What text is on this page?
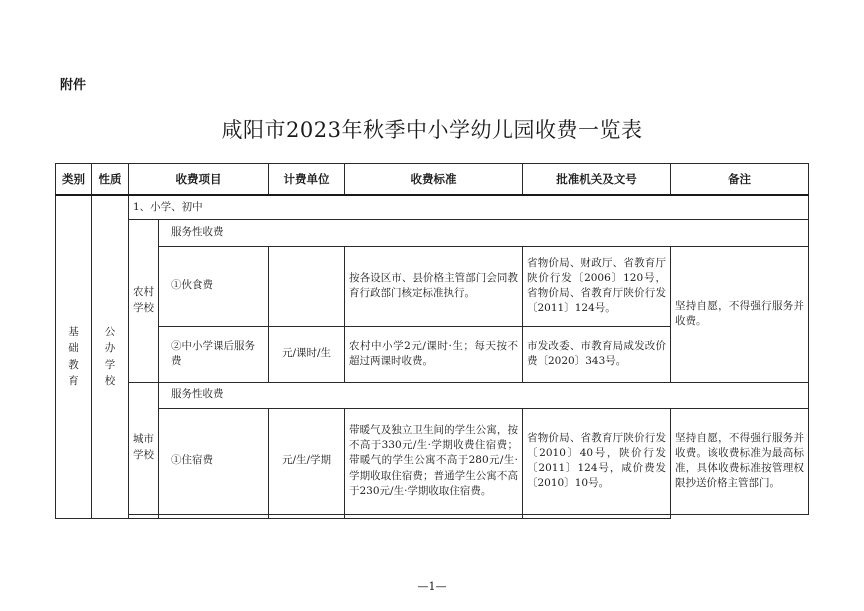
附件

咸阳市2023年秋季中小学幼儿园收费一览表
类别	性质	收费项目		计费单位	收费标准	批准机关及文号	备注
基础教育	公办学校	1、小学、初中					
		农村学校	服务性收费				
			①伙食费		按各设区市、县价格主管部门会同教育行政部门核定标准执行。	省物价局、财政厅、省教育厅陕价行发〔2006〕120号，省物价局、省教育厅陕价行发〔2011〕124号。	坚持自愿，不得强行服务并收费。
			②中小学课后服务费	元/课时/生	农村中小学2元/课时·生；每天按不超过两课时收费。	市发改委、市教育局咸发改价费〔2020〕343号。	
		城市学校	服务性收费				
			①住宿费	元/生/学期	带暖气及独立卫生间的学生公寓，按不高于330元/生·学期收费住宿费；带暖气的学生公寓不高于280元/生·学期收取住宿费；普通学生公寓不高于230元/生·学期收取住宿费。	省物价局、省教育厅陕价行发〔2010〕40号，陕价行发〔2011〕124号，咸价费发〔2010〕10号。	坚持自愿，不得强行服务并收费。该收费标准为最高标准，具体收费标准按管理权限抄送价格主管部门。

—1—
